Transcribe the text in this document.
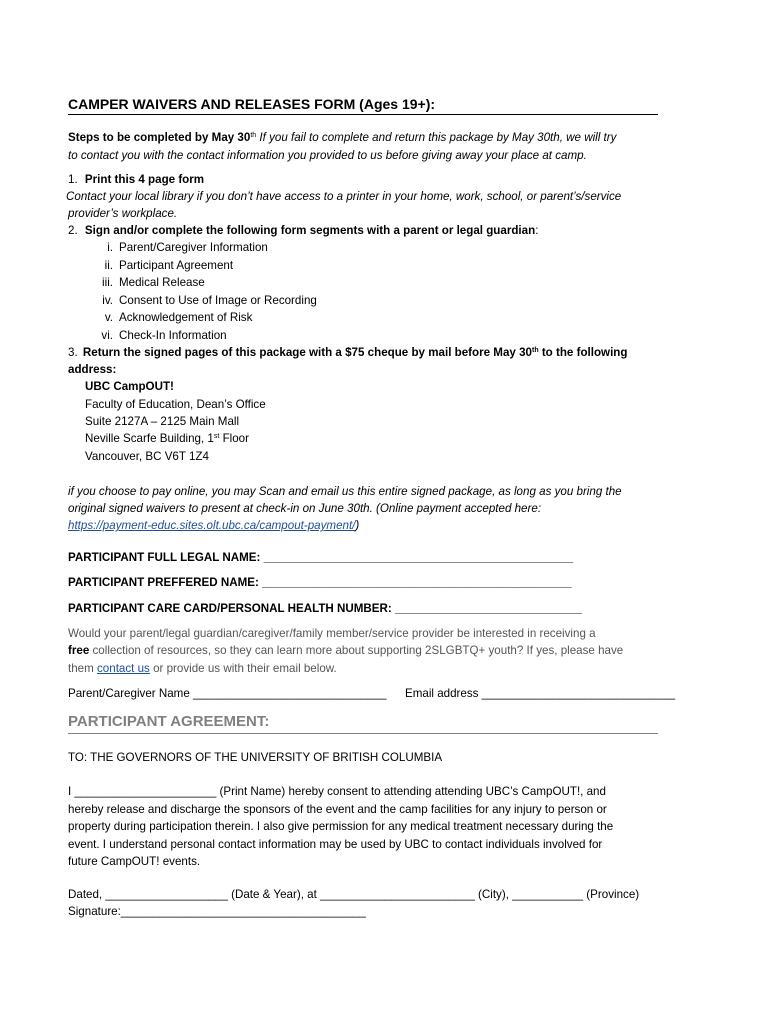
CAMPER WAIVERS AND RELEASES FORM (Ages 19+):
Steps to be completed by May 30th If you fail to complete and return this package by May 30th, we will try
to contact you with the contact information you provided to us before giving away your place at camp.
1. Print this 4 page form
Contact your local library if you don’t have access to a printer in your home, work, school, or parent’s/service
provider’s workplace.
2. Sign and/or complete the following form segments with a parent or legal guardian:
i. Parent/Caregiver Information
ii. Participant Agreement
iii. Medical Release
iv. Consent to Use of Image or Recording
v. Acknowledgement of Risk
vi. Check-In Information
3. Return the signed pages of this package with a $75 cheque by mail before May 30th to the following
address:
UBC CampOUT!
Faculty of Education, Dean’s Office
Suite 2127A – 2125 Main Mall
Neville Scarfe Building, 1st Floor
Vancouver, BC V6T 1Z4
if you choose to pay online, you may Scan and email us this entire signed package, as long as you bring the
original signed waivers to present at check-in on June 30th. (Online payment accepted here:
https://payment-educ.sites.olt.ubc.ca/campout-payment/)
PARTICIPANT FULL LEGAL NAME: ________________________________________________
PARTICIPANT PREFFERED NAME: ________________________________________________
PARTICIPANT CARE CARD/PERSONAL HEALTH NUMBER: _____________________________
Would your parent/legal guardian/caregiver/family member/service provider be interested in receiving a
free collection of resources, so they can learn more about supporting 2SLGBTQ+ youth? If yes, please have
them contact us or provide us with their email below.
Parent/Caregiver Name ______________________________ Email address ______________________________
PARTICIPANT AGREEMENT:
TO: THE GOVERNORS OF THE UNIVERSITY OF BRITISH COLUMBIA
I ______________________ (Print Name) hereby consent to attending attending UBC’s CampOUT!, and
hereby release and discharge the sponsors of the event and the camp facilities for any injury to person or
property during participation therein. I also give permission for any medical treatment necessary during the
event. I understand personal contact information may be used by UBC to contact individuals involved for
future CampOUT! events.
Dated, ___________________ (Date & Year), at ________________________ (City), ___________ (Province)
Signature:______________________________________
